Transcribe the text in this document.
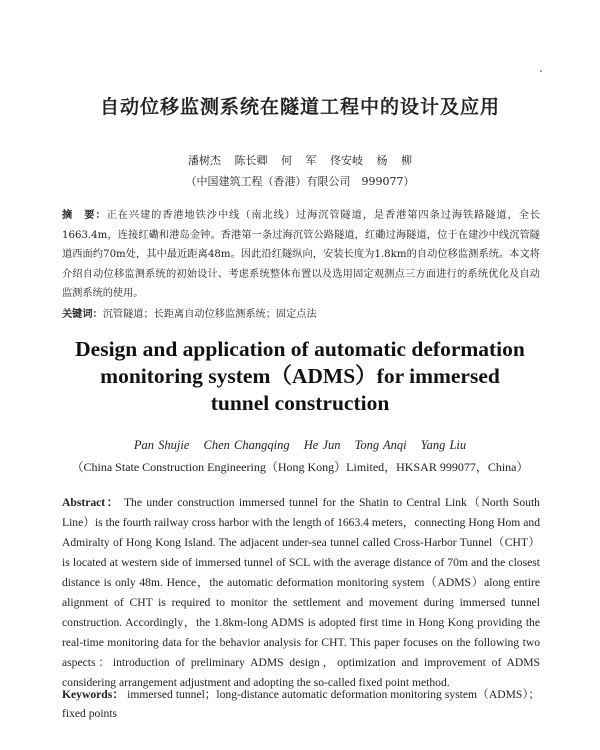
自动位移监测系统在隧道工程中的设计及应用
潘树杰 陈长卿 何 军 佟安岐 杨 柳
（中国建筑工程（香港）有限公司　999077）
摘　要：正在兴建的香港地铁沙中线（南北线）过海沉管隧道，是香港第四条过海铁路隧道，全长1663.4m，连接红磡和港岛金钟。香港第一条过海沉管公路隧道，红磡过海隧道，位于在建沙中线沉管隧道西面约70m处，其中最近距离48m。因此沿红隧纵向，安装长度为1.8km的自动位移监测系统。本文将介绍自动位移监测系统的初始设计、考虑系统整体布置以及选用固定观测点三方面进行的系统优化及自动监测系统的使用。
关键词：沉管隧道；长距离自动位移监测系统；固定点法
Design and application of automatic deformation
monitoring system（ADMS）for immersed
tunnel construction
Pan Shujie Chen Changqing He Jun Tong Anqi Yang Liu
（China State Construction Engineering（Hong Kong）Limited，HKSAR 999077，China）
Abstract： The under construction immersed tunnel for the Shatin to Central Link（North South Line）is the fourth railway cross harbor with the length of 1663.4 meters，connecting Hong Hom and Admiralty of Hong Kong Island. The adjacent under-sea tunnel called Cross-Harbor Tunnel（CHT）is located at western side of immersed tunnel of SCL with the average distance of 70m and the closest distance is only 48m. Hence，the automatic deformation monitoring system（ADMS）along entire alignment of CHT is required to monitor the settlement and movement during immersed tunnel construction. Accordingly，the 1.8km-long ADMS is adopted first time in Hong Kong providing the real-time monitoring data for the behavior analysis for CHT. This paper focuses on the following two aspects：introduction of preliminary ADMS design，optimization and improvement of ADMS considering arrangement adjustment and adopting the so-called fixed point method.
Keywords： immersed tunnel；long-distance automatic deformation monitoring system（ADMS）；fixed points
